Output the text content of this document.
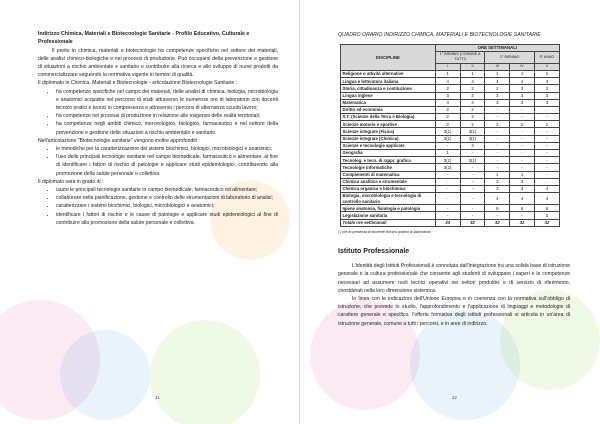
Indirizzo Chimica, Materiali e Biotecnologie Sanitarie - Profilo Educativo, Culturale e Professionale

Il perito in chimica, materiali e biotecnologie ha competenze specifiche nel settore dei materiali, delle analisi chimico-biologiche e nei processi di produzione. Può occuparsi della prevenzione e gestione di situazioni a rischio ambientale e sanitario e contribuire alla ricerca e allo sviluppo di nuovi prodotti da commercializzare seguendo la normativa vigente in termini di qualità.

Il diplomato in Chimica, Materiali e Biotecnologie - articolazione Biotecnologie Sanitarie :

• ha competenze specifiche nel campo dei materiali, delle analisi di chimica, biologia, microbiologia e anatomici acquisite nel percorso di studi attraverso le numerose ore di laboratorio con docenti tecnico pratici e teorici in compresenza e attraverso i percorsi di alternanza scuola lavoro;
• ha competenze nei processi di produzione in relazione alle esigenze delle realtà territoriali;
• ha competenze negli ambiti chimico, merceologico, biologico, farmaceutico e nel settore della prevenzione e gestione delle situazioni a rischio ambientale e sanitario.

Nell'articolazione "Biotecnologie sanitarie" vengono inoltre approfonditi :

• le metodiche per la caratterizzazione dei sistemi biochimici, biologici, microbiologici e anatomici;
• l'uso delle principali tecnologie sanitarie nel campo biomedicale, farmaceutico e alimentare, al fine di identificare i fattori di rischio di patologie e applicare studi epidemiologici, contribuendo alla promozione della salute personale e collettiva.

Il diplomato sarà in grado di :

• usare le principali tecnologie sanitarie in campo biomedicale, farmaceutico ed alimentare;
• collaborare nella pianificazione, gestione e controllo delle strumentazioni di laboratorio di analisi;
• caratterizzare i sistemi biochimici, biologici, microbiologici e anatomici;
• identificare i fattori di rischio e le cause di patologie e applicare studi epidemiologici al fine di contribuire alla promozione della salute personale e collettiva.
41
QUADRO ORARIO INDIRIZZO CHIMICA, MATERIALI E BIOTECNOLOGIE SANITARIE
DISCIPLINE	ORE SETTIMANALI				
	1° BIENNIO (COMUNE A TUTTI)		2° BIENNIO		5° ANNO
	I	II	III	IV	V
Religione o attività alternative	1	1	1	1	1
Lingua e letteratura italiana	4	4	4	4	4
Storia, cittadinanza e costituzione	2	2	2	2	2
Lingua inglese	3	3	3	3	3
Matematica	4	4	3	3	3
Diritto ed economia	2	2	-	-	-
S.T. (Scienze della Terra e Biologia)	2	2	-	-	-
Scienze motorie e sportive	2	2	2	2	2
Scienze integrate (Fisica)	3(1)	3(1)	-	-	-
Scienze integrate (Chimica)	3(1)	3(1)	-	-	-
Scienze e tecnologie applicate	-	3	-	-	-
Geografia	1	-	-	-	-
Tecnolog. e tecn. di rappr. grafica	3(1)	3(1)	-	-	-
Tecnologie informatiche	3(2)	-	-	-	-
Complementi di matematica	-	-	1	1	-
Chimica analitica e strumentale	-	-	3	3	-
Chimica organica e biochimica	-	-	3	3	4
Biologia, microbiologia e tecnologia di controllo sanitario	-	-	4	4	4
Igiene anatomia, fisiologia e patologia	-	-	6	6	6
Legislazione sanitaria	-	-	-	-	3
Totale ore settimanali	33	32	32	32	32
( ) ore in presenza di docente tecnico pratico al laboratorio
Istituto Professionale

L'identità degli Istituti Professionali è connotata dall'integrazione tra una solida base di istruzione generale e la cultura professionale che consente agli studenti di sviluppare i saperi e le competenze necessari ad assumere ruoli tecnici operativi nei settori produttivi e di servizio di riferimento, considerati nella loro dimensione sistemica.

In linea con le indicazioni dell'Unione Europea e in coerenza con la normativa sull'obbligo di istruzione, che prevede lo studio, l'approfondimento e l'applicazione di linguaggi e metodologie di carattere generale e specifico, l'offerta formativa degli istituti professionali si articola in un'area di istruzione generale, comune a tutti i percorsi, e in aree di indirizzo.

42
